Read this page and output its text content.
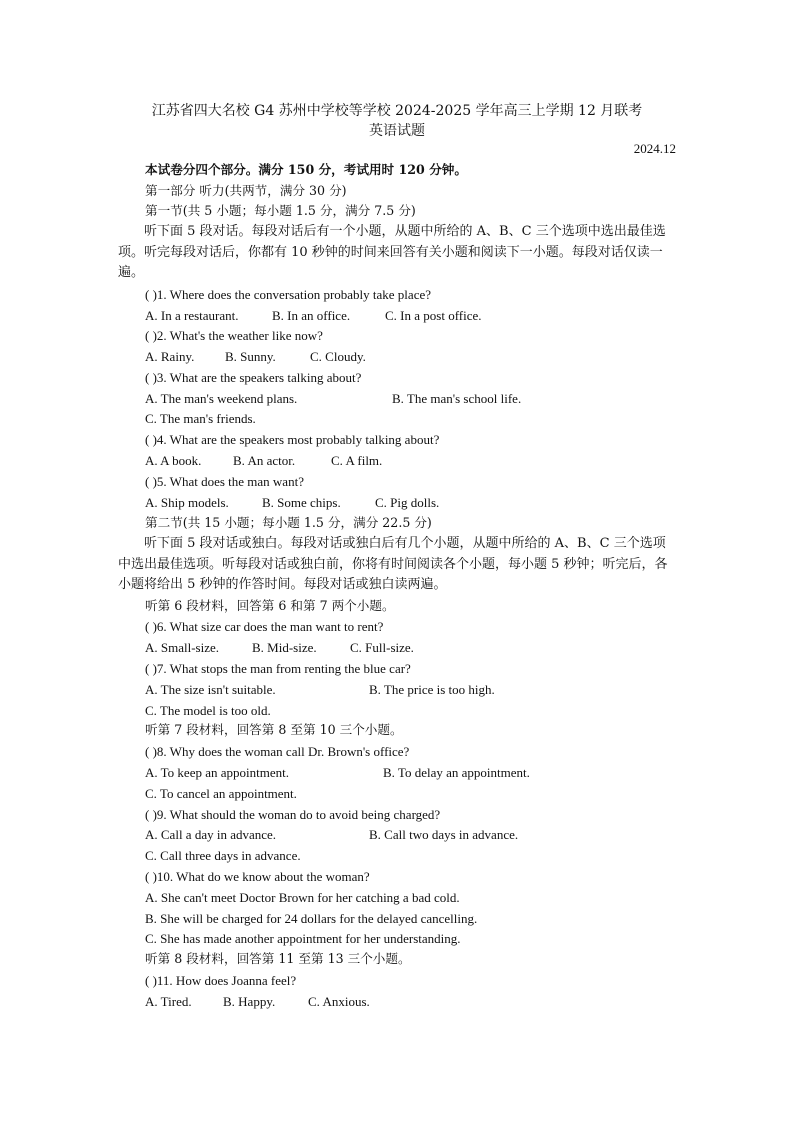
江苏省四大名校 G4 苏州中学校等学校 2024-2025 学年高三上学期 12 月联考
英语试题
2024.12
本试卷分四个部分。满分 150 分，考试用时 120 分钟。
第一部分 听力(共两节，满分 30 分)
第一节(共 5 小题；每小题 1.5 分，满分 7.5 分)
听下面 5 段对话。每段对话后有一个小题，从题中所给的 A、B、C 三个选项中选出最佳选项。听完每段对话后，你都有 10 秒钟的时间来回答有关小题和阅读下一小题。每段对话仅读一遍。
( )1. Where does the conversation probably take place?
A. In a restaurant.	B. In an office.	C. In a post office.
( )2. What's the weather like now?
A. Rainy. B. Sunny.	C. Cloudy.
( )3. What are the speakers talking about?
A. The man's weekend plans.	B. The man's school life.
C. The man's friends.
( )4. What are the speakers most probably talking about?
A. A book. B. An actor.	C. A film.
( )5. What does the man want?
A. Ship models.	B. Some chips.	C. Pig dolls.
第二节(共 15 小题；每小题 1.5 分，满分 22.5 分)
听下面 5 段对话或独白。每段对话或独白后有几个小题，从题中所给的 A、B、C 三个选项中选出最佳选项。听每段对话或独白前，你将有时间阅读各个小题，每小题 5 秒钟；听完后，各小题将给出 5 秒钟的作答时间。每段对话或独白读两遍。
听第 6 段材料，回答第 6 和第 7 两个小题。
( )6. What size car does the man want to rent?
A. Small-size.	B. Mid-size.	C. Full-size.
( )7. What stops the man from renting the blue car?
A. The size isn't suitable.	B. The price is too high.
C. The model is too old.
听第 7 段材料，回答第 8 至第 10 三个小题。
( )8. Why does the woman call Dr. Brown's office?
A. To keep an appointment.	B. To delay an appointment.
C. To cancel an appointment.
( )9. What should the woman do to avoid being charged?
A. Call a day in advance.	B. Call two days in advance.
C. Call three days in advance.
( )10. What do we know about the woman?
A. She can't meet Doctor Brown for her catching a bad cold.
B. She will be charged for 24 dollars for the delayed cancelling.
C. She has made another appointment for her understanding.
听第 8 段材料，回答第 11 至第 13 三个小题。
( )11. How does Joanna feel?
A. Tired. B. Happy.	C. Anxious.
